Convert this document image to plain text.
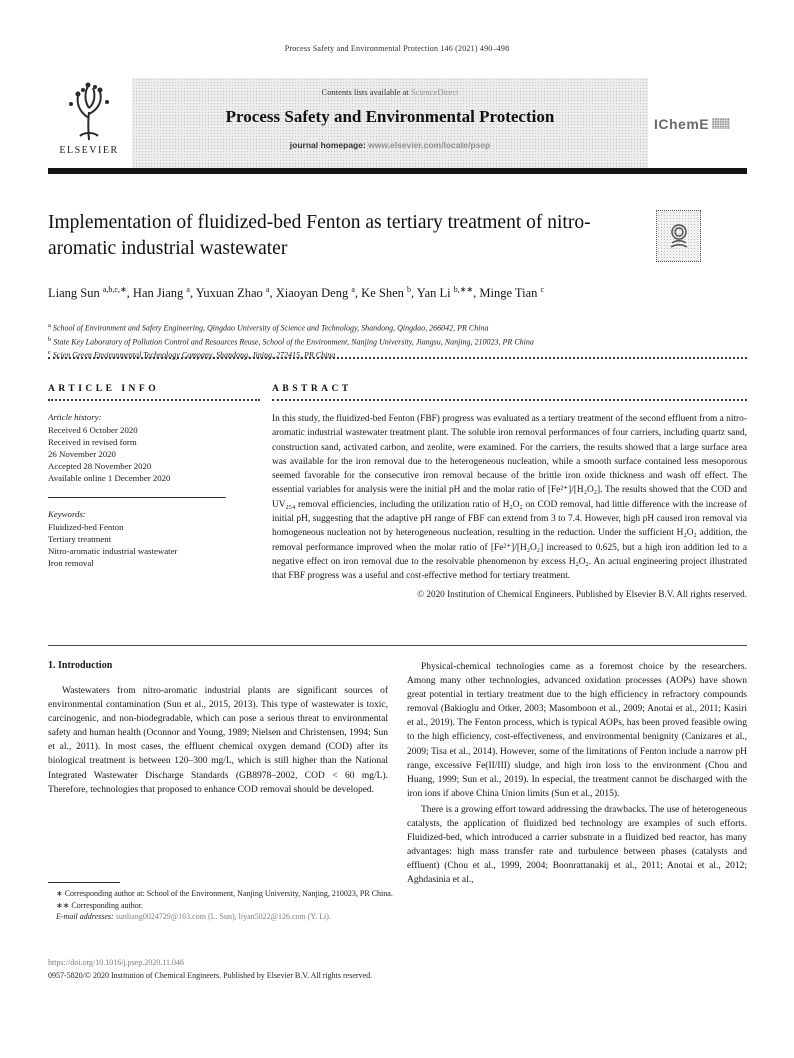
Process Safety and Environmental Protection 146 (2021) 490–498
ELSEVIER
Contents lists available at ScienceDirect
Process Safety and Environmental Protection
journal homepage: www.elsevier.com/locate/psep
IChemE
Implementation of fluidized-bed Fenton as tertiary treatment of nitro-aromatic industrial wastewater
Liang Sun $^{a,b,c,∗}$, Han Jiang $^a$, Yuxuan Zhao $^a$, Xiaoyan Deng $^a$, Ke Shen $^b$, Yan Li $^{b,∗∗}$, Minge Tian $^c$
$^a$ School of Environment and Safety Engineering, Qingdao University of Science and Technology, Shandong, Qingdao, 266042, PR China
$^b$ State Key Laboratory of Pollution Control and Resources Reuse, School of the Environment, Nanjing University, Jiangsu, Nanjing, 210023, PR China
$^c$ Scien Green Environmental Technology Company, Shandong, Jining, 272415, PR China
ARTICLE INFO
Article history:
Received 6 October 2020
Received in revised form
26 November 2020
Accepted 28 November 2020
Available online 1 December 2020
Keywords:
Fluidized-bed Fenton
Tertiary treatment
Nitro-aromatic industrial wastewater
Iron removal
ABSTRACT
In this study, the fluidized-bed Fenton (FBF) progress was evaluated as a tertiary treatment of the second effluent from a nitro-aromatic industrial wastewater treatment plant. The soluble iron removal performances of four carriers, including quartz sand, construction sand, activated carbon, and zeolite, were examined. For the carriers, the results showed that a large surface area was available for the iron removal due to the heterogeneous nucleation, while a smooth surface contained less mesoporous seemed favorable for the consecutive iron removal because of the brittle iron oxide thickness and wash off effect. The essential variables for analysis were the initial pH and the molar ratio of [Fe²⁺]/[H₂O₂]. The results showed that the COD and UV₂₅₄ removal efficiencies, including the utilization ratio of H₂O₂ on COD removal, had little difference with the increase of initial pH, suggesting that the adaptive pH range of FBF can extend from 3 to 7.4. However, high pH caused iron removal via homogeneous nucleation not by heterogeneous nucleation, resulting in the reduction. Under the sufficient H₂O₂ addition, the removal performance improved when the molar ratio of [Fe²⁺]/[H₂O₂] increased to 0.625, but a high iron addition led to a negative effect on iron removal due to the resolvable phenomenon by excess H₂O₂. An actual engineering project illustrated that FBF progress was a useful and cost-effective method for tertiary treatment.
© 2020 Institution of Chemical Engineers. Published by Elsevier B.V. All rights reserved.
1. Introduction

Wastewaters from nitro-aromatic industrial plants are significant sources of environmental contamination (Sun et al., 2015, 2013). This type of wastewater is toxic, carcinogenic, and non-biodegradable, which can pose a serious threat to environmental safety and human health (Oconnor and Young, 1989; Nielsen and Christensen, 1994; Sun et al., 2011). In most cases, the effluent chemical oxygen demand (COD) after its biological treatment is between 120–300 mg/L, which is still higher than the National Integrated Wastewater Discharge Standards (GB8978–2002, COD < 60 mg/L). Therefore, technologies that proposed to enhance COD removal should be developed.

Physical-chemical technologies came as a foremost choice by the researchers. Among many other technologies, advanced oxidation processes (AOPs) have shown great potential in tertiary treatment due to the high efficiency in refractory compounds removal (Bakioglu and Otker, 2003; Masomboon et al., 2009; Anotai et al., 2011; Kasiri et al., 2019). The Fenton process, which is typical AOPs, has been proved feasible owing to the high efficiency, cost-effectiveness, and environmental benignity (Canizares et al., 2009; Tisa et al., 2014). However, some of the limitations of Fenton include a narrow pH range, excessive Fe(II/III) sludge, and high iron loss to the environment (Chou and Huang, 1999; Sun et al., 2019). In especial, the treatment cannot be discharged with the iron ions if above China Union limits (Sun et al., 2015).

There is a growing effort toward addressing the drawbacks. The use of heterogeneous catalysts, the application of fluidized bed technology are examples of such efforts. Fluidized-bed, which introduced a carrier substrate in a fluidized bed reactor, has many advantages: high mass transfer rate and turbulence between phases (catalysts and effluent) (Chou et al., 1999, 2004; Boonrattanakij et al., 2011; Anotai et al., 2012; Aghdasinia et al.,

∗ Corresponding author at: School of the Environment, Nanjing University, Nanjing, 210023, PR China.
∗∗ Corresponding author.
E-mail addresses: sunliang0024729@163.com (L. Sun), liyan5022@126.com (Y. Li).
https://doi.org/10.1016/j.psep.2020.11.046
0957-5820/© 2020 Institution of Chemical Engineers. Published by Elsevier B.V. All rights reserved.
